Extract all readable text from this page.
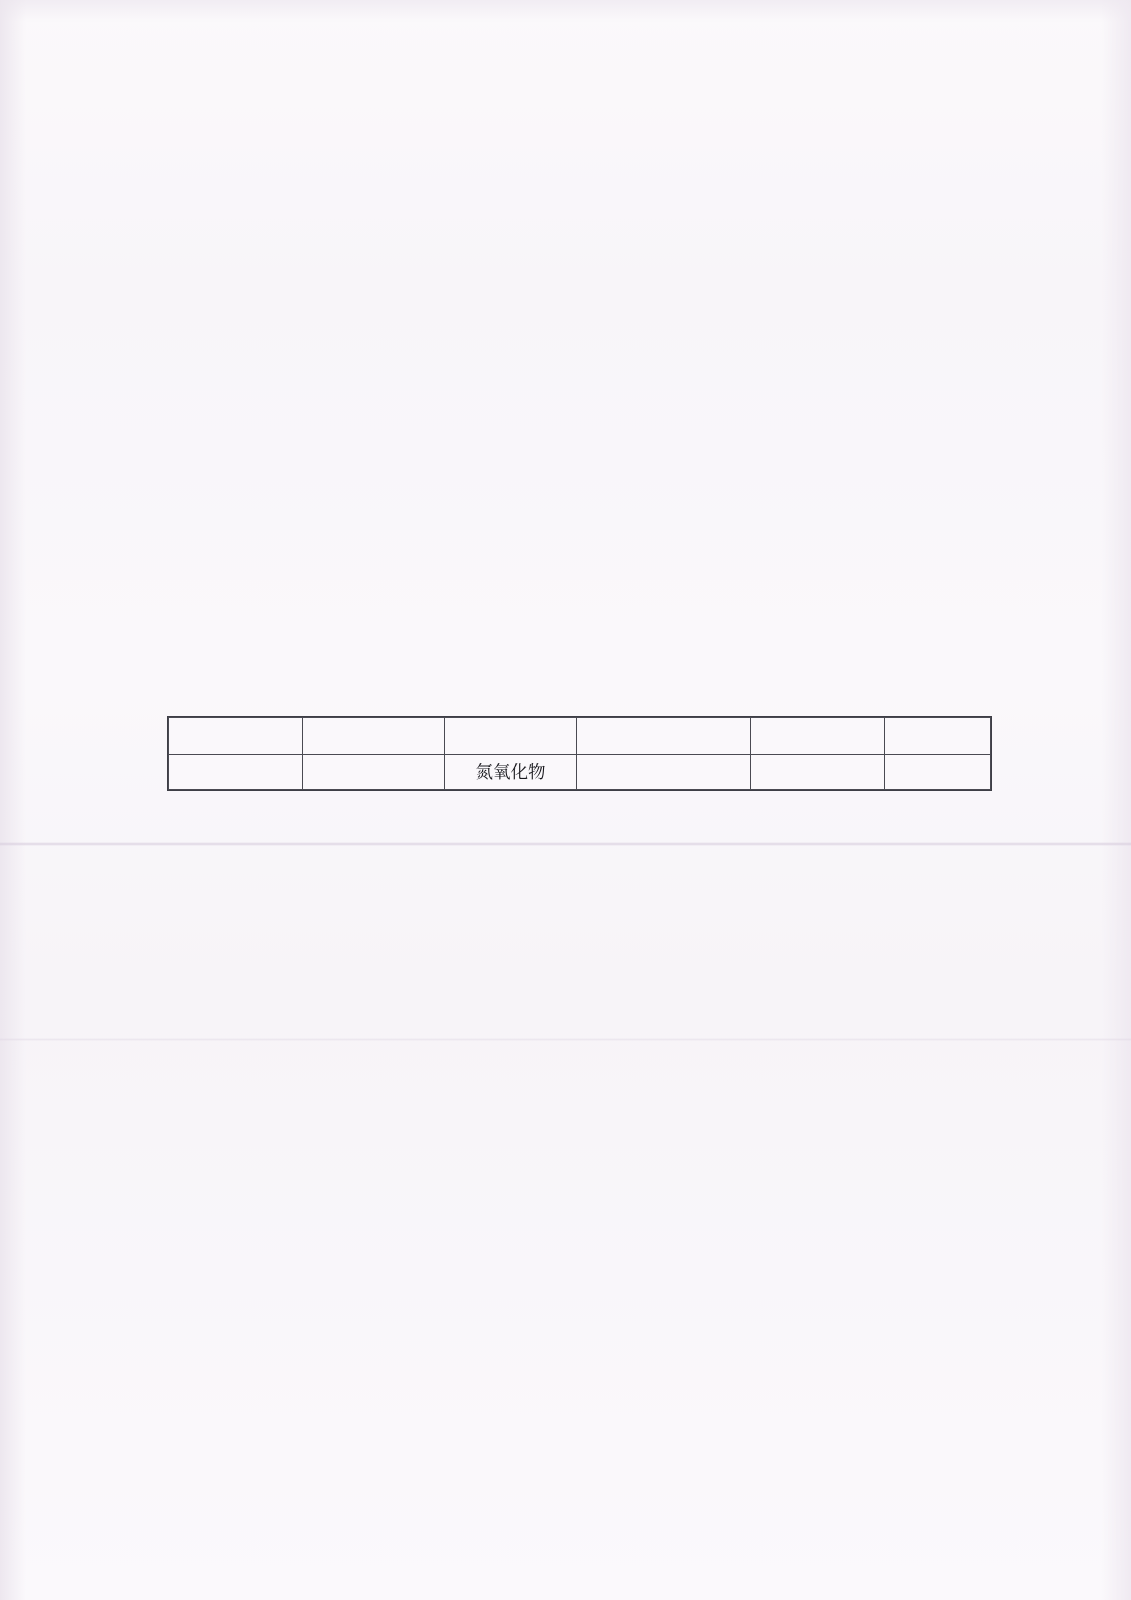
		氮氧化物			
